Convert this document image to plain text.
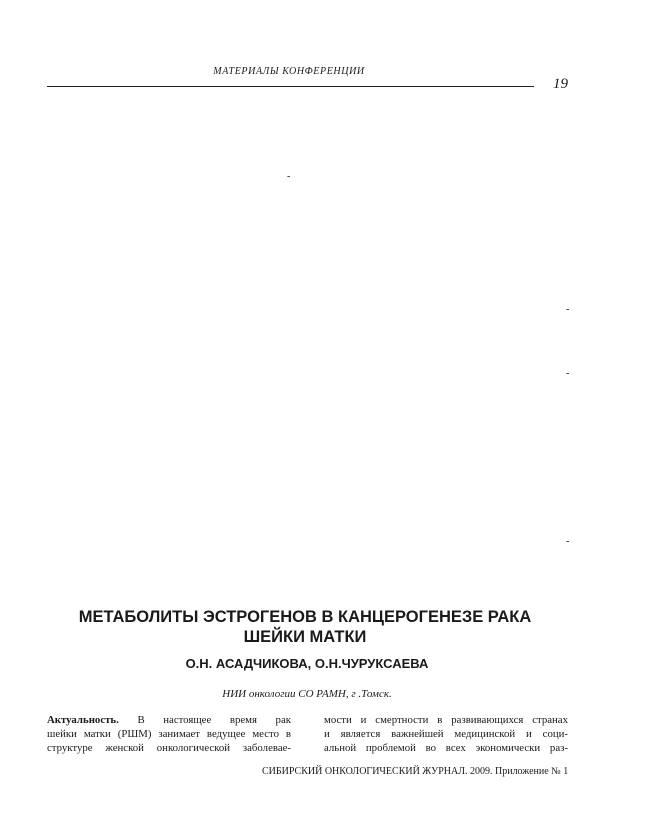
МАТЕРИАЛЫ КОНФЕРЕНЦИИ
19
-
-
-
-
МЕТАБОЛИТЫ ЭСТРОГЕНОВ В КАНЦЕРОГЕНЕЗЕ РАКА
ШЕЙКИ МАТКИ
О.Н. АСАДЧИКОВА, О.Н.ЧУРУКСАЕВА
НИИ онкологии СО РАМН, г .Томск.
Актуальность. В настоящее время рак
шейки матки (РШМ) занимает ведущее место в
структуре женской онкологической заболевае-
мости и смертности в развивающихся странах
и является важнейшей медицинской и соци-
альной проблемой во всех экономически раз-
СИБИРСКИЙ ОНКОЛОГИЧЕСКИЙ ЖУРНАЛ. 2009. Приложение № 1
